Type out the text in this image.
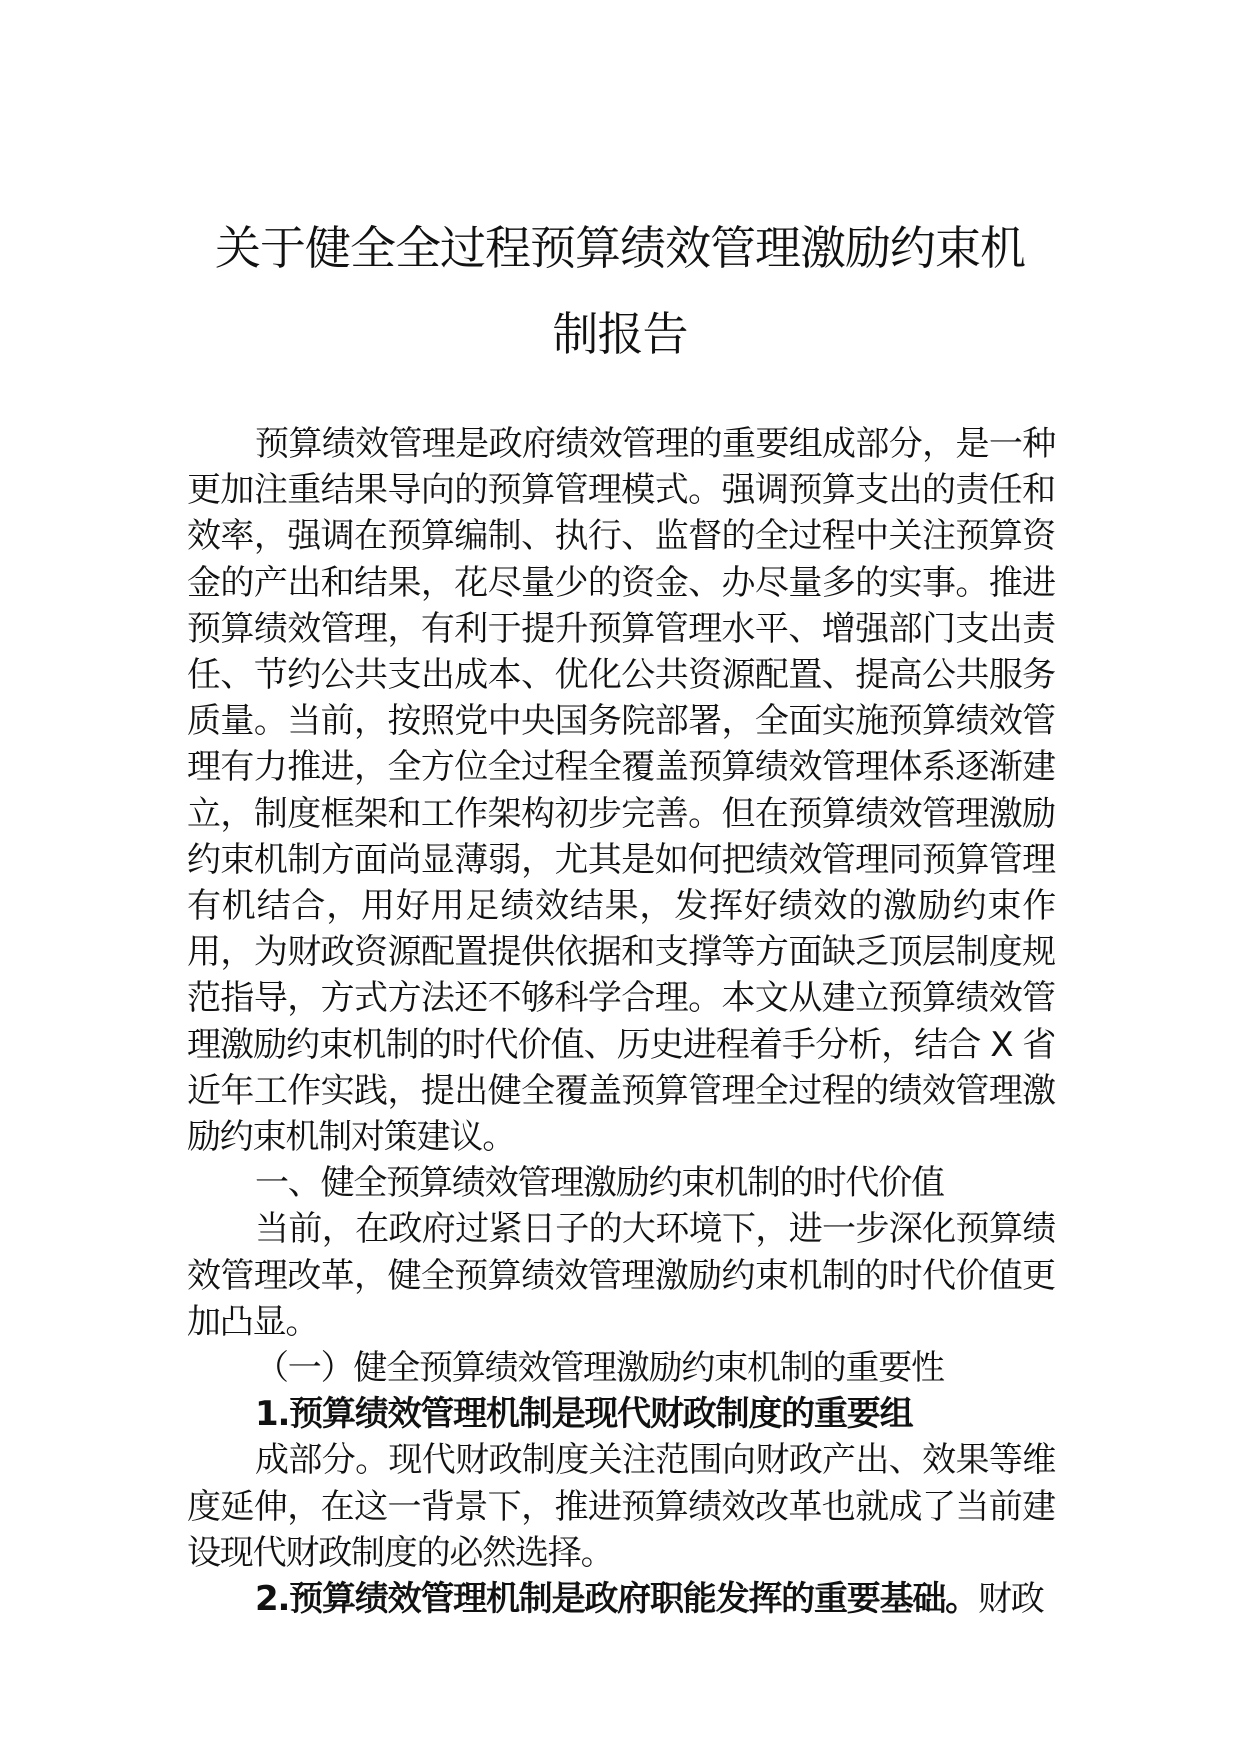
关于健全全过程预算绩效管理激励约束机
制报告

预算绩效管理是政府绩效管理的重要组成部分，是一种更加注重结果导向的预算管理模式。强调预算支出的责任和效率，强调在预算编制、执行、监督的全过程中关注预算资金的产出和结果，花尽量少的资金、办尽量多的实事。推进预算绩效管理，有利于提升预算管理水平、增强部门支出责任、节约公共支出成本、优化公共资源配置、提高公共服务质量。当前，按照党中央国务院部署，全面实施预算绩效管理有力推进，全方位全过程全覆盖预算绩效管理体系逐渐建立，制度框架和工作架构初步完善。但在预算绩效管理激励约束机制方面尚显薄弱，尤其是如何把绩效管理同预算管理有机结合，用好用足绩效结果，发挥好绩效的激励约束作用，为财政资源配置提供依据和支撑等方面缺乏顶层制度规范指导，方式方法还不够科学合理。本文从建立预算绩效管理激励约束机制的时代价值、历史进程着手分析，结合 X 省近年工作实践，提出健全覆盖预算管理全过程的绩效管理激励约束机制对策建议。

一、健全预算绩效管理激励约束机制的时代价值

当前，在政府过紧日子的大环境下，进一步深化预算绩效管理改革，健全预算绩效管理激励约束机制的时代价值更加凸显。

（一）健全预算绩效管理激励约束机制的重要性

1.预算绩效管理机制是现代财政制度的重要组

成部分。现代财政制度关注范围向财政产出、效果等维度延伸，在这一背景下，推进预算绩效改革也就成了当前建设现代财政制度的必然选择。

2.预算绩效管理机制是政府职能发挥的重要基础。财政
